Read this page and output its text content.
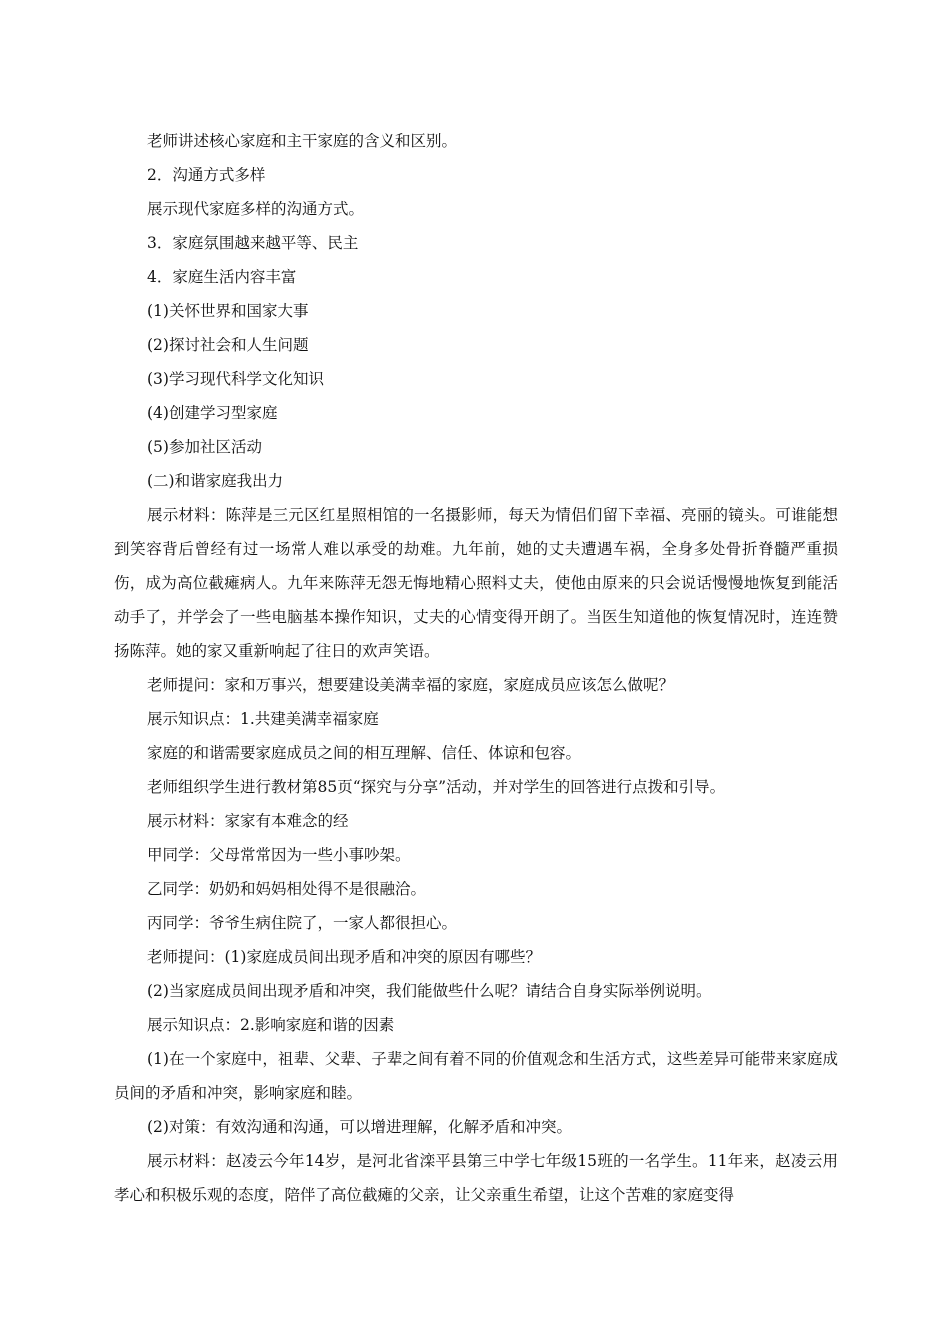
老师讲述核心家庭和主干家庭的含义和区别。
2．沟通方式多样
展示现代家庭多样的沟通方式。
3．家庭氛围越来越平等、民主
4．家庭生活内容丰富
(1)关怀世界和国家大事
(2)探讨社会和人生问题
(3)学习现代科学文化知识
(4)创建学习型家庭
(5)参加社区活动
(二)和谐家庭我出力

展示材料：陈萍是三元区红星照相馆的一名摄影师，每天为情侣们留下幸福、亮丽的镜头。可谁能想到笑容背后曾经有过一场常人难以承受的劫难。九年前，她的丈夫遭遇车祸，全身多处骨折脊髓严重损伤，成为高位截瘫病人。九年来陈萍无怨无悔地精心照料丈夫，使他由原来的只会说话慢慢地恢复到能活动手了，并学会了一些电脑基本操作知识，丈夫的心情变得开朗了。当医生知道他的恢复情况时，连连赞扬陈萍。她的家又重新响起了往日的欢声笑语。

老师提问：家和万事兴，想要建设美满幸福的家庭，家庭成员应该怎么做呢？
展示知识点：1.共建美满幸福家庭
家庭的和谐需要家庭成员之间的相互理解、信任、体谅和包容。
老师组织学生进行教材第85页“探究与分享”活动，并对学生的回答进行点拨和引导。
展示材料：家家有本难念的经
甲同学：父母常常因为一些小事吵架。
乙同学：奶奶和妈妈相处得不是很融洽。
丙同学：爷爷生病住院了，一家人都很担心。
老师提问：(1)家庭成员间出现矛盾和冲突的原因有哪些？
(2)当家庭成员间出现矛盾和冲突，我们能做些什么呢？请结合自身实际举例说明。
展示知识点：2.影响家庭和谐的因素

(1)在一个家庭中，祖辈、父辈、子辈之间有着不同的价值观念和生活方式，这些差异可能带来家庭成员间的矛盾和冲突，影响家庭和睦。

(2)对策：有效沟通和沟通，可以增进理解，化解矛盾和冲突。

展示材料：赵凌云今年14岁，是河北省滦平县第三中学七年级15班的一名学生。11年来，赵凌云用孝心和积极乐观的态度，陪伴了高位截瘫的父亲，让父亲重生希望，让这个苦难的家庭变得
